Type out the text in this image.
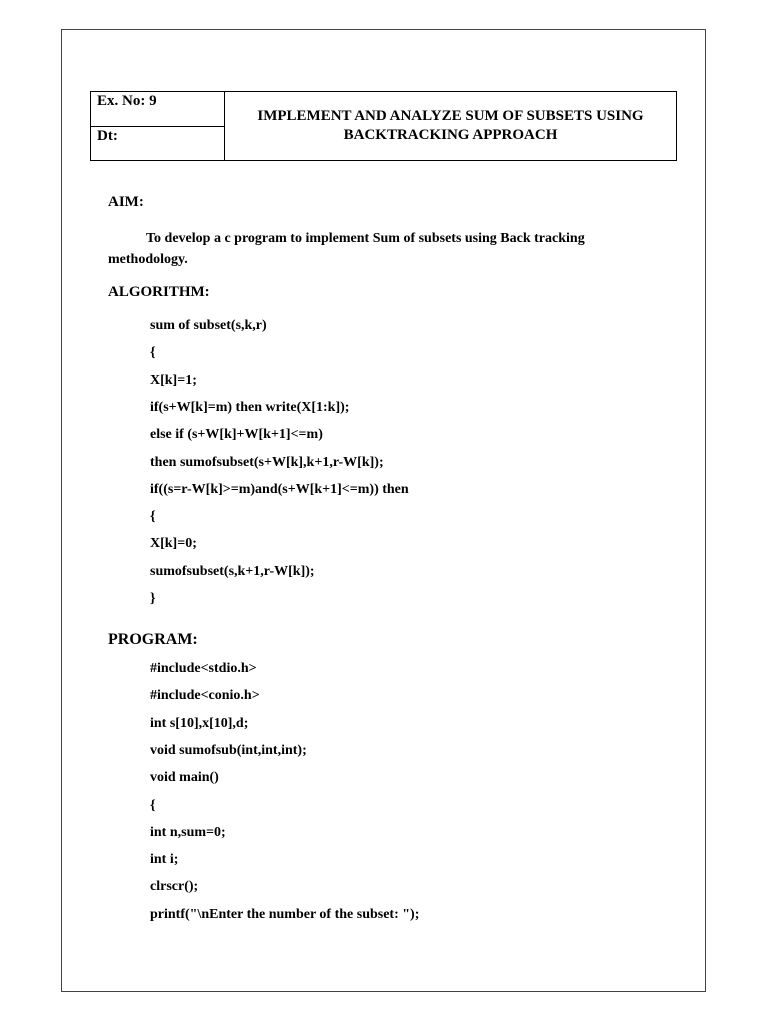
Ex. No: 9
Dt:
IMPLEMENT AND ANALYZE SUM OF SUBSETS USING
BACKTRACKING APPROACH
AIM:
To develop a c program to implement Sum of subsets using Back tracking
methodology.
ALGORITHM:
sum of subset(s,k,r)
{
X[k]=1;
if(s+W[k]=m) then write(X[1:k]);
else if (s+W[k]+W[k+1]<=m)
then sumofsubset(s+W[k],k+1,r-W[k]);
if((s=r-W[k]>=m)and(s+W[k+1]<=m)) then
{
X[k]=0;
sumofsubset(s,k+1,r-W[k]);
}
PROGRAM:
#include<stdio.h>
#include<conio.h>
int s[10],x[10],d;
void sumofsub(int,int,int);
void main()
{
int n,sum=0;
int i;
clrscr();
printf("\nEnter the number of the subset: ");
